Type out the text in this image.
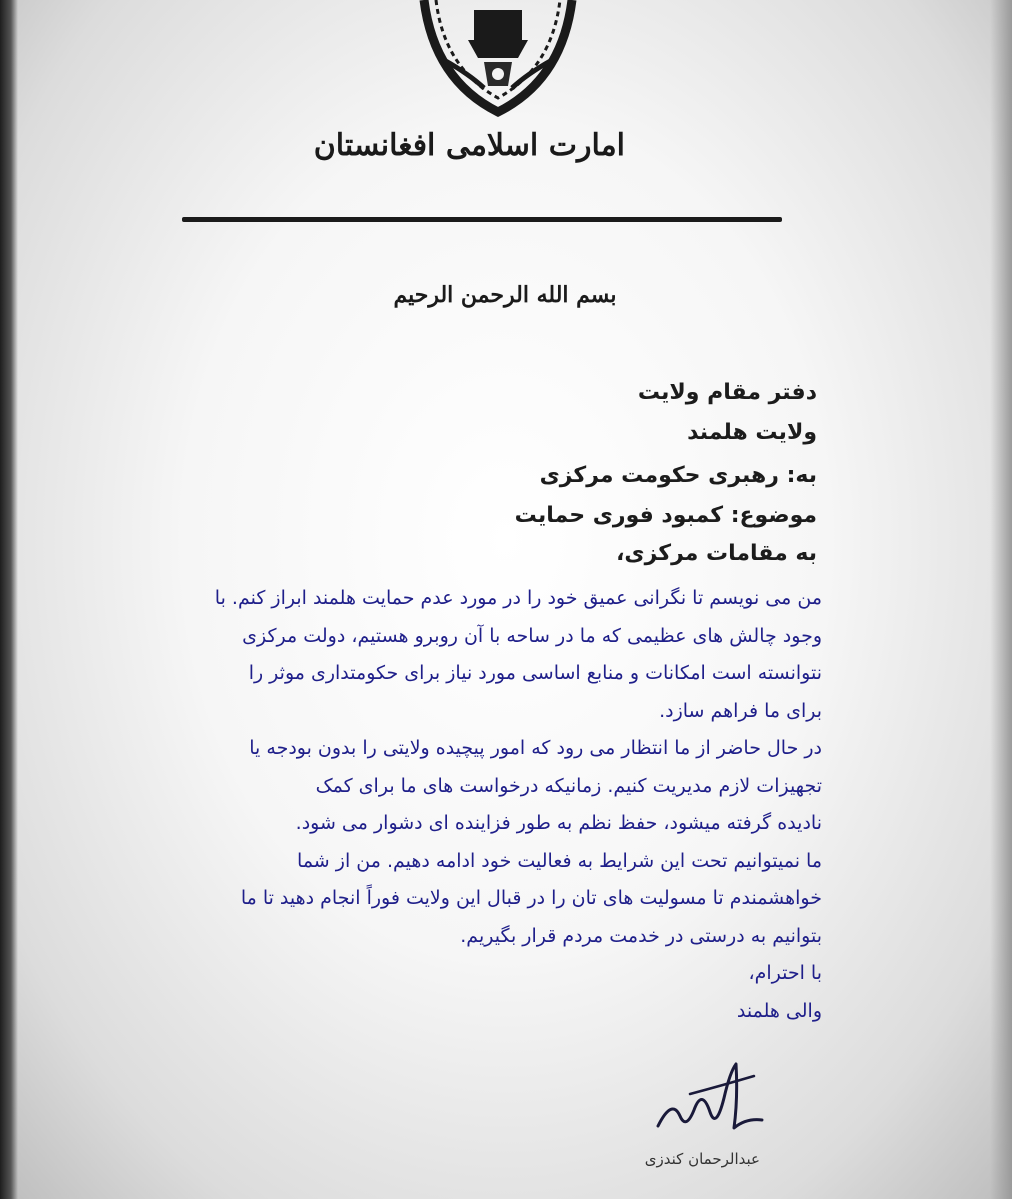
امارت اسلامی افغانستان
بسم الله الرحمن الرحیم
دفتر مقام ولایت
ولایت هلمند
به: رهبری حکومت مرکزی
موضوع: کمبود فوری حمایت
به مقامات مرکزی،
من می نویسم تا نگرانی عمیق خود را در مورد عدم حمایت هلمند ابراز کنم. با
وجود چالش های عظیمی که ما در ساحه با آن روبرو هستیم، دولت مرکزی
نتوانسته است امکانات و منابع اساسی مورد نیاز برای حکومتداری موثر را
برای ما فراهم سازد.
در حال حاضر از ما انتظار می رود که امور پیچیده ولایتی را بدون بودجه یا
تجهیزات لازم مدیریت کنیم. زمانیکه درخواست های ما برای کمک
نادیده گرفته میشود، حفظ نظم به طور فزاینده ای دشوار می شود.
ما نمیتوانیم تحت این شرایط به فعالیت خود ادامه دهیم. من از شما
خواهشمندم تا مسولیت های تان را در قبال این ولایت فوراً انجام دهید تا ما
بتوانیم به درستی در خدمت مردم قرار بگیریم.
با احترام،
والی هلمند
عبدالرحمان کندزی
